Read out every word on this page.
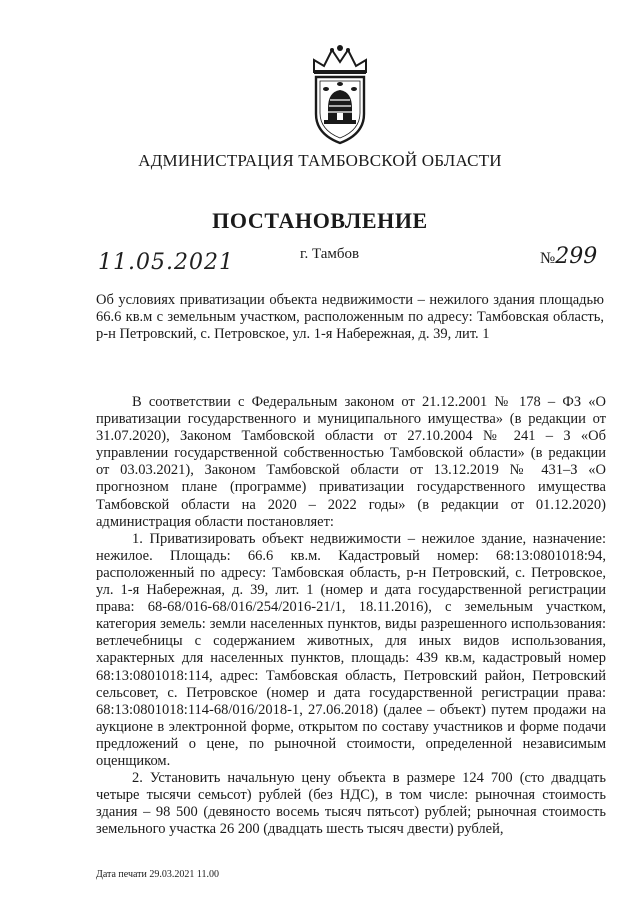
АДМИНИСТРАЦИЯ ТАМБОВСКОЙ ОБЛАСТИ
ПОСТАНОВЛЕНИЕ
11.05.2021	г. Тамбов	№299
Об условиях приватизации объекта недвижимости – нежилого здания площадью 66.6 кв.м с земельным участком, расположенным по адресу: Тамбовская область, р-н Петровский, с. Петровское, ул. 1-я Набережная, д. 39, лит. 1

В соответствии с Федеральным законом от 21.12.2001 № 178 – ФЗ «О приватизации государственного и муниципального имущества» (в редакции от 31.07.2020), Законом Тамбовской области от 27.10.2004 № 241 – З «Об управлении государственной собственностью Тамбовской области» (в редакции от 03.03.2021), Законом Тамбовской области от 13.12.2019 № 431–З «О прогнозном плане (программе) приватизации государственного имущества Тамбовской области на 2020 – 2022 годы» (в редакции от 01.12.2020) администрация области постановляет:

1. Приватизировать объект недвижимости – нежилое здание, назначение: нежилое. Площадь: 66.6 кв.м. Кадастровый номер: 68:13:0801018:94, расположенный по адресу: Тамбовская область, р-н Петровский, с. Петровское, ул. 1-я Набережная, д. 39, лит. 1 (номер и дата государственной регистрации права: 68-68/016-68/016/254/2016-21/1, 18.11.2016), с земельным участком, категория земель: земли населенных пунктов, виды разрешенного использования: ветлечебницы с содержанием животных, для иных видов использования, характерных для населенных пунктов, площадь: 439 кв.м, кадастровый номер 68:13:0801018:114, адрес: Тамбовская область, Петровский район, Петровский сельсовет, с. Петровское (номер и дата государственной регистрации права: 68:13:0801018:114-68/016/2018-1, 27.06.2018) (далее – объект) путем продажи на аукционе в электронной форме, открытом по составу участников и форме подачи предложений о цене, по рыночной стоимости, определенной независимым оценщиком.

2. Установить начальную цену объекта в размере 124 700 (сто двадцать четыре тысячи семьсот) рублей (без НДС), в том числе: рыночная стоимость здания – 98 500 (девяносто восемь тысяч пятьсот) рублей; рыночная стоимость земельного участка 26 200 (двадцать шесть тысяч двести) рублей,

Дата печати 29.03.2021 11.00
